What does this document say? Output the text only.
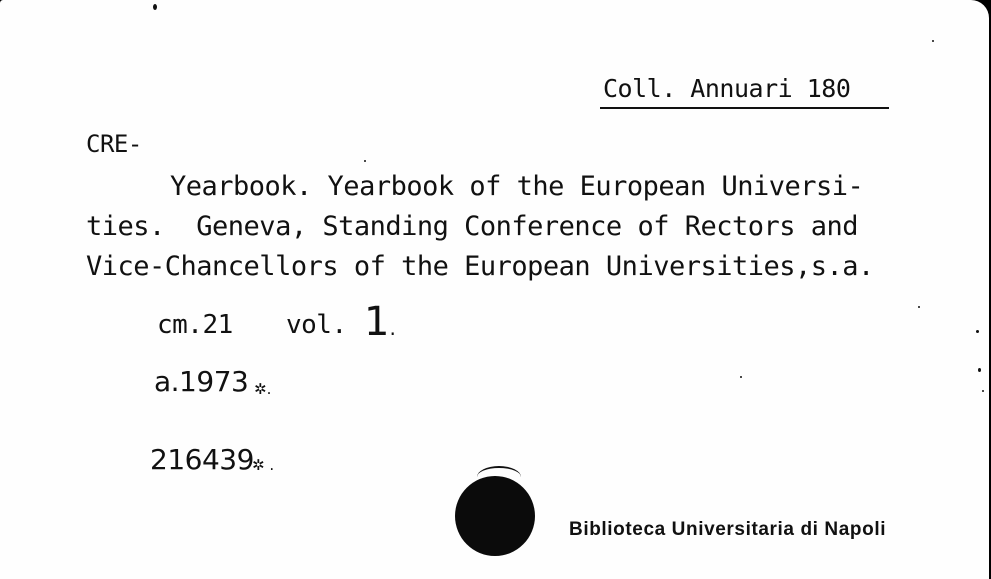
Coll. Annuari 180
CRE-
Yearbook. Yearbook of the European Universi-
ties.  Geneva, Standing Conference of Rectors and
Vice-Chancellors of the European Universities,s.a.
cm.21 vol. 1.
a.1973 ✲.
216439
✲ .
Biblioteca Universitaria di Napoli
